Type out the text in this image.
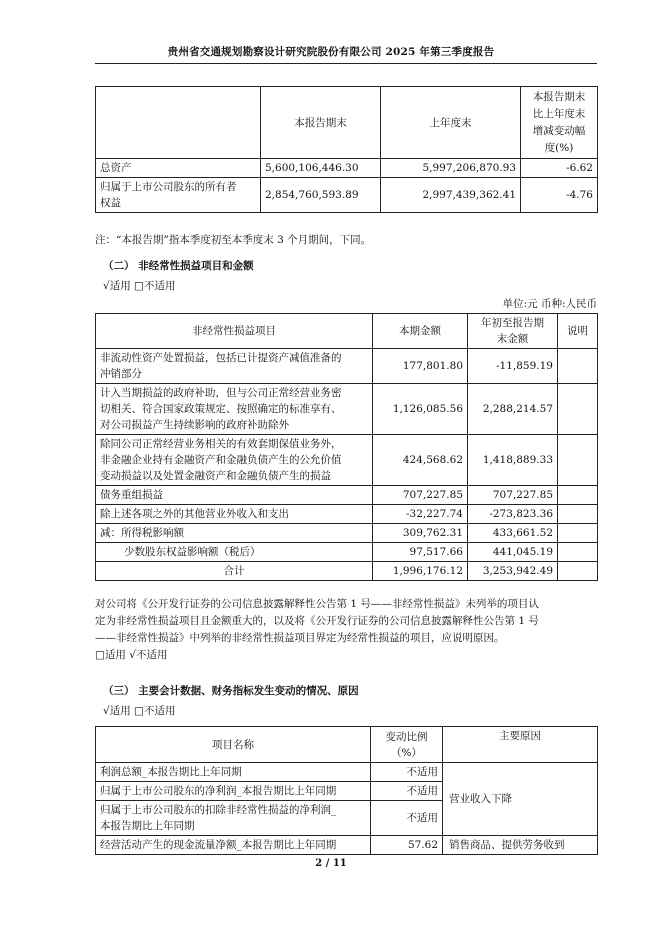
贵州省交通规划勘察设计研究院股份有限公司 2025 年第三季度报告
	本报告期末	上年度末	本报告期末
比上年度末
增减变动幅
度(%)

总资产	5,600,106,446.30	5,997,206,870.93	-6.62

归属于上市公司股东的所有者
权益	2,854,760,593.89	2,997,439,362.41	-4.76
注：“本报告期”指本季度初至本季度末 3 个月期间，下同。
（二） 非经常性损益项目和金额
√适用 □不适用
单位:元 币种:人民币
非经常性损益项目	本期金额	年初至报告期
末金额	说明

非流动性资产处置损益，包括已计提资产减值准备的
冲销部分	177,801.80	-11,859.19	

计入当期损益的政府补助，但与公司正常经营业务密
切相关、符合国家政策规定、按照确定的标准享有、
对公司损益产生持续影响的政府补助除外	1,126,085.56	2,288,214.57	

除同公司正常经营业务相关的有效套期保值业务外，
非金融企业持有金融资产和金融负债产生的公允价值
变动损益以及处置金融资产和金融负债产生的损益	424,568.62	1,418,889.33	
债务重组损益	707,227.85	707,227.85	
除上述各项之外的其他营业外收入和支出	-32,227.74	-273,823.36	
减：所得税影响额	309,762.31	433,661.52	
少数股东权益影响额（税后）	97,517.66	441,045.19	
合计	1,996,176.12	3,253,942.49	
对公司将《公开发行证券的公司信息披露解释性公告第 1 号——非经常性损益》未列举的项目认
定为非经常性损益项目且金额重大的，以及将《公开发行证券的公司信息披露解释性公告第 1 号
——非经常性损益》中列举的非经常性损益项目界定为经常性损益的项目，应说明原因。
□适用 √不适用
（三） 主要会计数据、财务指标发生变动的情况、原因
√适用 □不适用
项目名称	变动比例
（%）	主要原因
利润总额_本报告期比上年同期	不适用	营业收入下降
归属于上市公司股东的净利润_本报告期比上年同期	不适用	

归属于上市公司股东的扣除非经常性损益的净利润_
本报告期比上年同期	不适用	
经营活动产生的现金流量净额_本报告期比上年同期	57.62	销售商品、提供劳务收到
2 / 11
